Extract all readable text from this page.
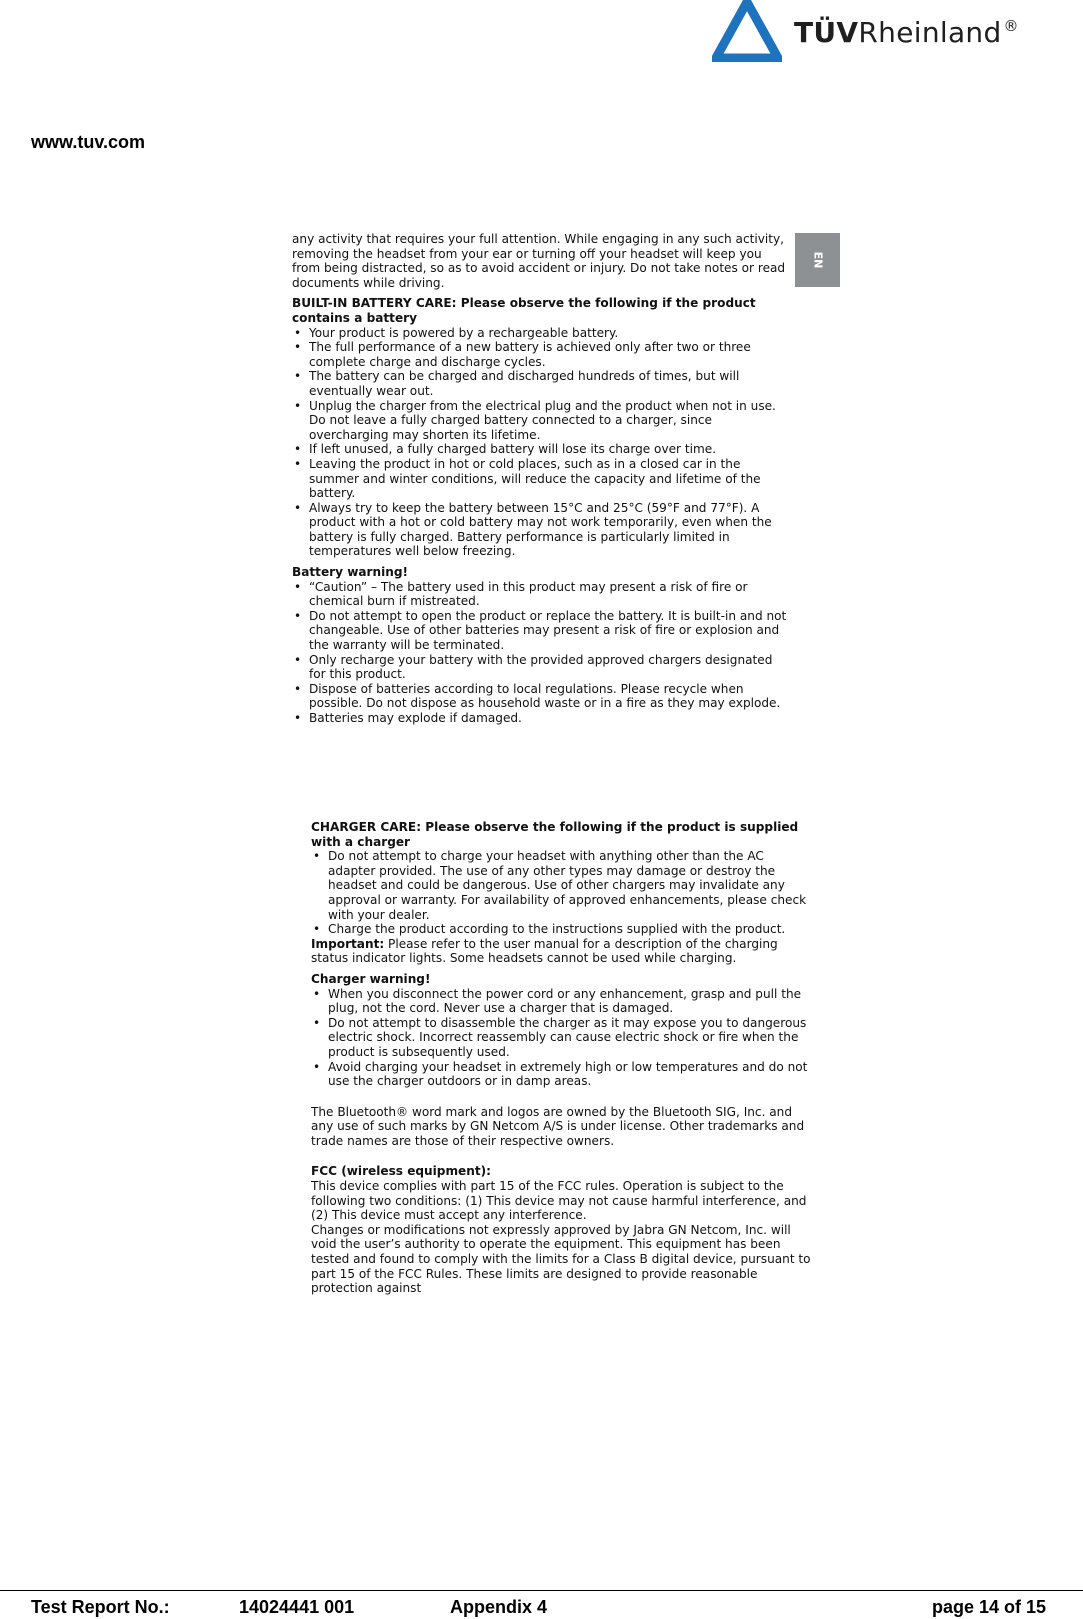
TÜVRheinland ®
www.tuv.com
EN

any activity that requires your full attention. While engaging in any such activity, removing the headset from your ear or turning off your headset will keep you from being distracted, so as to avoid accident or injury. Do not take notes or read documents while driving.

BUILT-IN BATTERY CARE: Please observe the following if the product contains a battery

• Your product is powered by a rechargeable battery.
• The full performance of a new battery is achieved only after two or three complete charge and discharge cycles.
• The battery can be charged and discharged hundreds of times, but will eventually wear out.
• Unplug the charger from the electrical plug and the product when not in use. Do not leave a fully charged battery connected to a charger, since overcharging may shorten its lifetime.
• If left unused, a fully charged battery will lose its charge over time.
• Leaving the product in hot or cold places, such as in a closed car in the summer and winter conditions, will reduce the capacity and lifetime of the battery.
• Always try to keep the battery between 15°C and 25°C (59°F and 77°F). A product with a hot or cold battery may not work temporarily, even when the battery is fully charged. Battery performance is particularly limited in temperatures well below freezing.

Battery warning!

• “Caution” – The battery used in this product may present a risk of fire or chemical burn if mistreated.
• Do not attempt to open the product or replace the battery. It is built-in and not changeable. Use of other batteries may present a risk of fire or explosion and the warranty will be terminated.
• Only recharge your battery with the provided approved chargers designated for this product.
• Dispose of batteries according to local regulations. Please recycle when possible. Do not dispose as household waste or in a fire as they may explode.
• Batteries may explode if damaged.

CHARGER CARE: Please observe the following if the product is supplied with a charger

• Do not attempt to charge your headset with anything other than the AC adapter provided. The use of any other types may damage or destroy the headset and could be dangerous. Use of other chargers may invalidate any approval or warranty. For availability of approved enhancements, please check with your dealer.
• Charge the product according to the instructions supplied with the product.

Important: Please refer to the user manual for a description of the charging status indicator lights. Some headsets cannot be used while charging.

Charger warning!

• When you disconnect the power cord or any enhancement, grasp and pull the plug, not the cord. Never use a charger that is damaged.
• Do not attempt to disassemble the charger as it may expose you to dangerous electric shock. Incorrect reassembly can cause electric shock or fire when the product is subsequently used.
• Avoid charging your headset in extremely high or low temperatures and do not use the charger outdoors or in damp areas.

The Bluetooth® word mark and logos are owned by the Bluetooth SIG, Inc. and any use of such marks by GN Netcom A/S is under license. Other trademarks and trade names are those of their respective owners.

FCC (wireless equipment):

This device complies with part 15 of the FCC rules. Operation is subject to the following two conditions: (1) This device may not cause harmful interference, and (2) This device must accept any interference.

Changes or modifications not expressly approved by Jabra GN Netcom, Inc. will void the user’s authority to operate the equipment. This equipment has been tested and found to comply with the limits for a Class B digital device, pursuant to part 15 of the FCC Rules. These limits are designed to provide reasonable protection against

Test Report No.:	14024441 001	Appendix 4	page 14 of 15
